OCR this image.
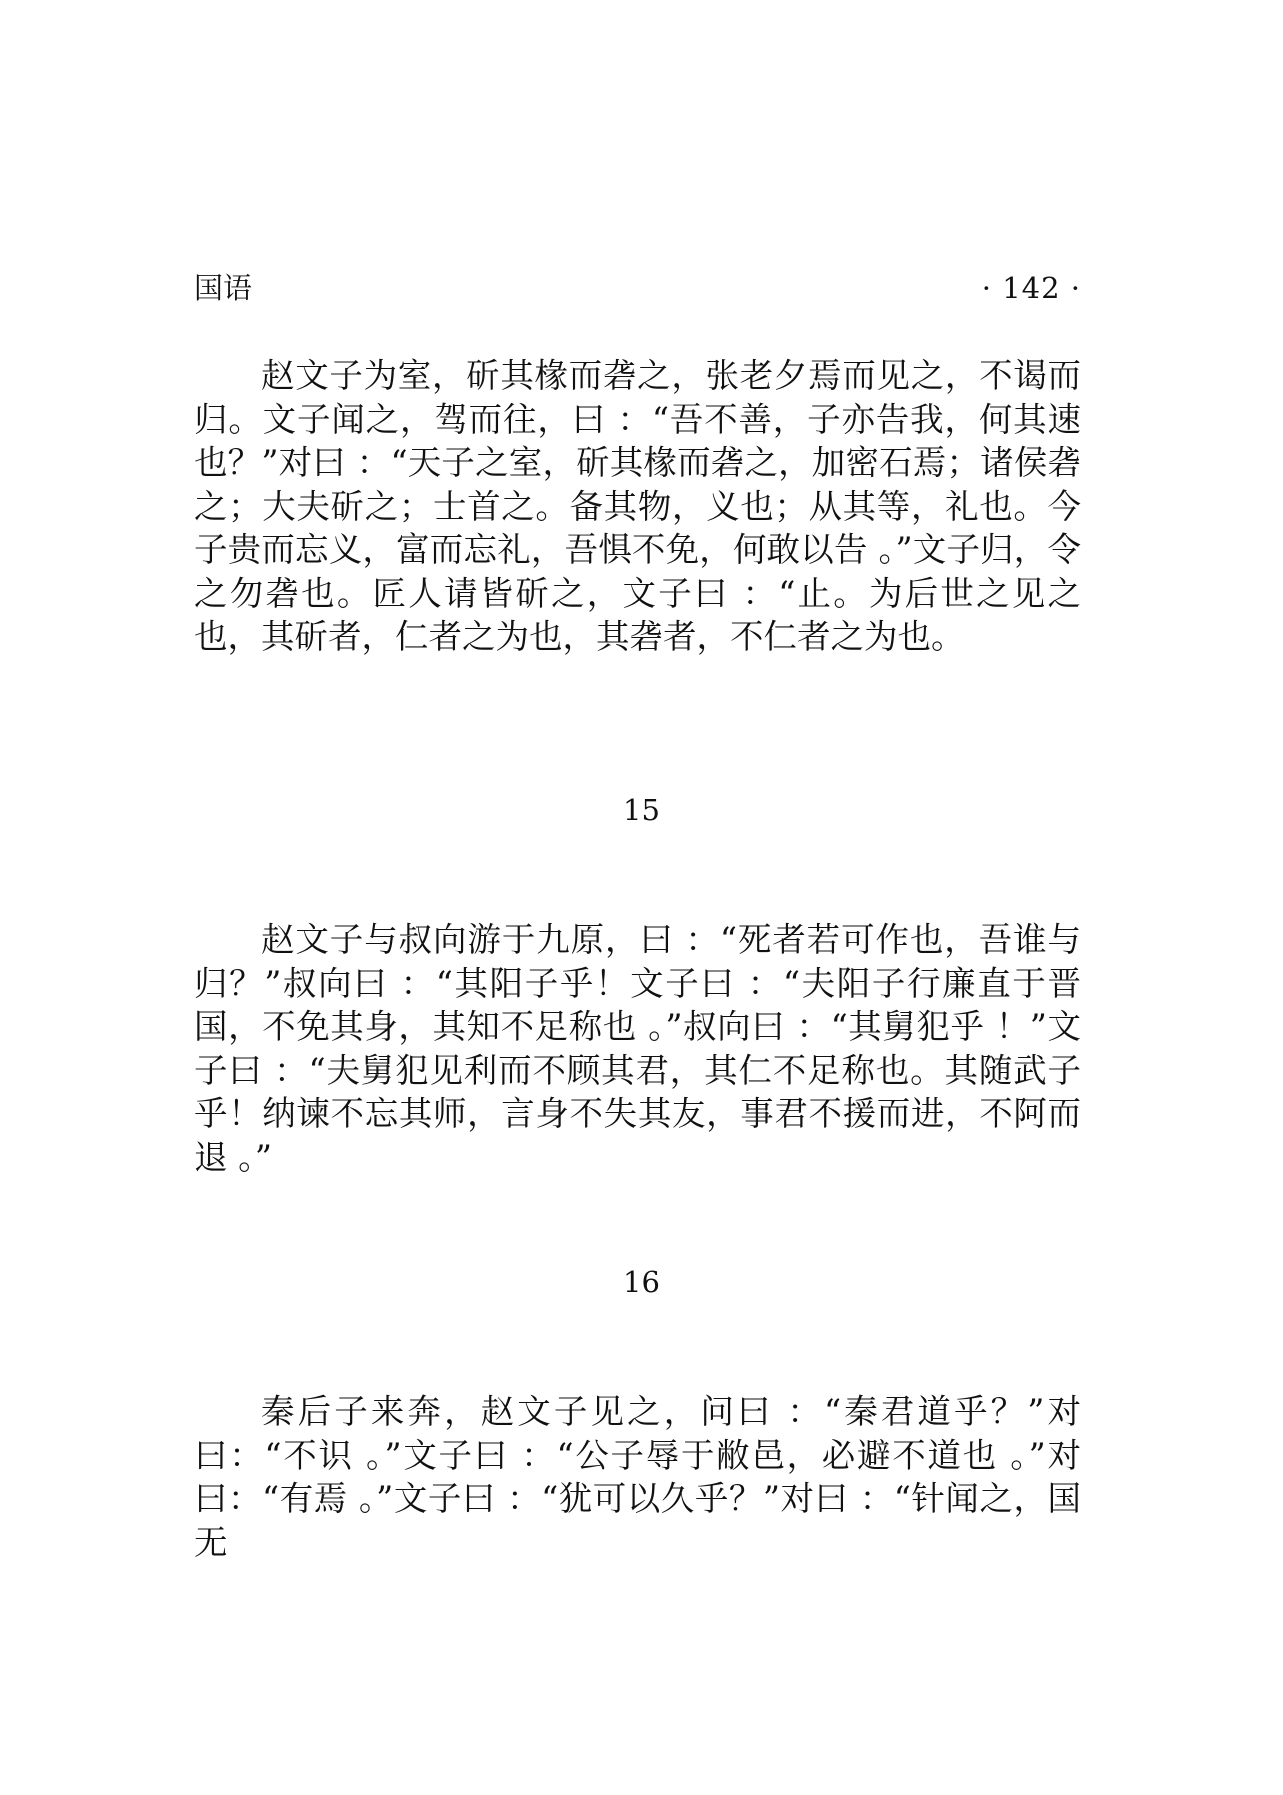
国语	· 142 ·

赵文子为室，斫其椽而砻之，张老夕焉而见之，不谒而归。文子闻之，驾而往，曰 ：“吾不善，子亦告我，何其速也？”对曰 ：“天子之室，斫其椽而砻之，加密石焉；诸侯砻之；大夫斫之；士首之。备其物，义也；从其等，礼也。今子贵而忘义，富而忘礼，吾惧不免，何敢以告 。”文子归，令之勿砻也。匠人请皆斫之，文子曰 ：“止。为后世之见之也，其斫者，仁者之为也，其砻者，不仁者之为也。

15

赵文子与叔向游于九原，曰 ：“死者若可作也，吾谁与归？”叔向曰 ：“其阳子乎！文子曰 ：“夫阳子行廉直于晋国，不免其身，其知不足称也 。”叔向曰 ：“其舅犯乎 ！”文子曰 ：“夫舅犯见利而不顾其君，其仁不足称也。其随武子乎！纳谏不忘其师，言身不失其友，事君不援而进，不阿而退 。”

16

秦后子来奔，赵文子见之，问曰 ：“秦君道乎？”对曰：“不识 。”文子曰 ：“公子辱于敝邑，必避不道也 。”对曰：“有焉 。”文子曰 ：“犹可以久乎？”对曰 ：“针闻之，国无
